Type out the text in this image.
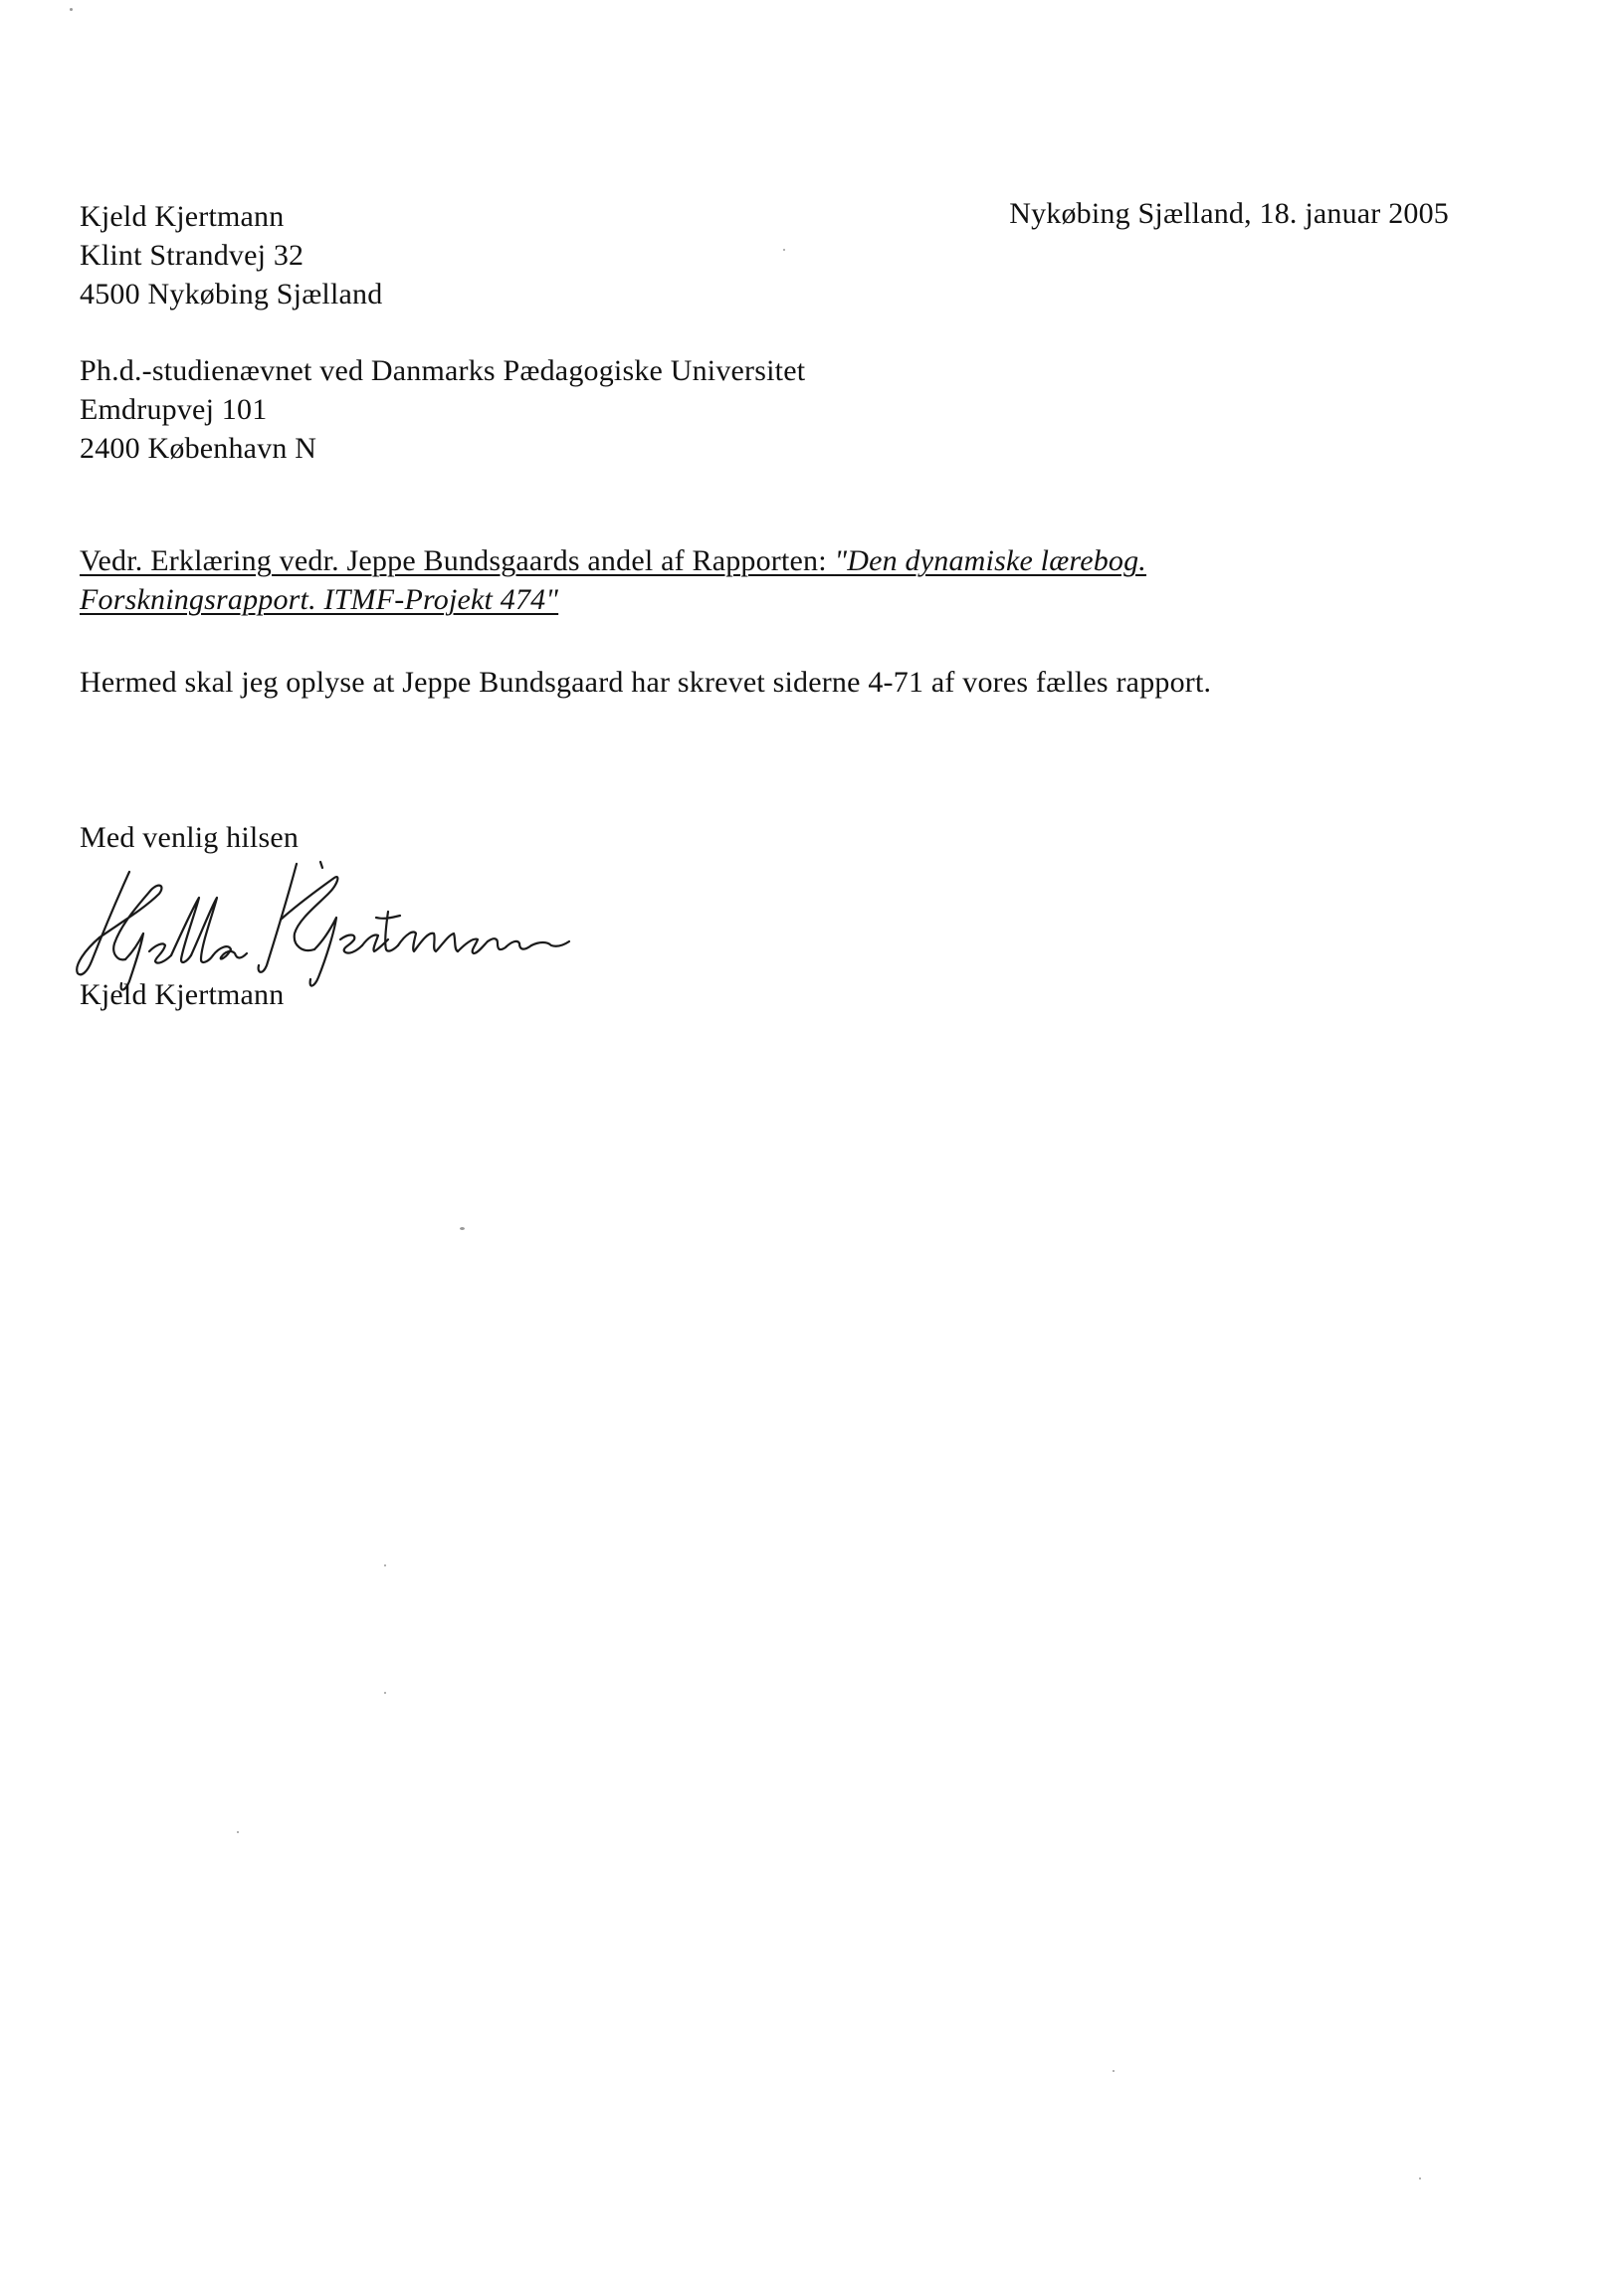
Kjeld Kjertmann
Klint Strandvej 32
4500 Nykøbing Sjælland
Nykøbing Sjælland, 18. januar 2005
Ph.d.-studienævnet ved Danmarks Pædagogiske Universitet
Emdrupvej 101
2400 København N
Vedr. Erklæring vedr. Jeppe Bundsgaards andel af Rapporten: "Den dynamiske lærebog.
Forskningsrapport. ITMF-Projekt 474"
Hermed skal jeg oplyse at Jeppe Bundsgaard har skrevet siderne 4-71 af vores fælles rapport.
Med venlig hilsen
Kjeld Kjertmann
